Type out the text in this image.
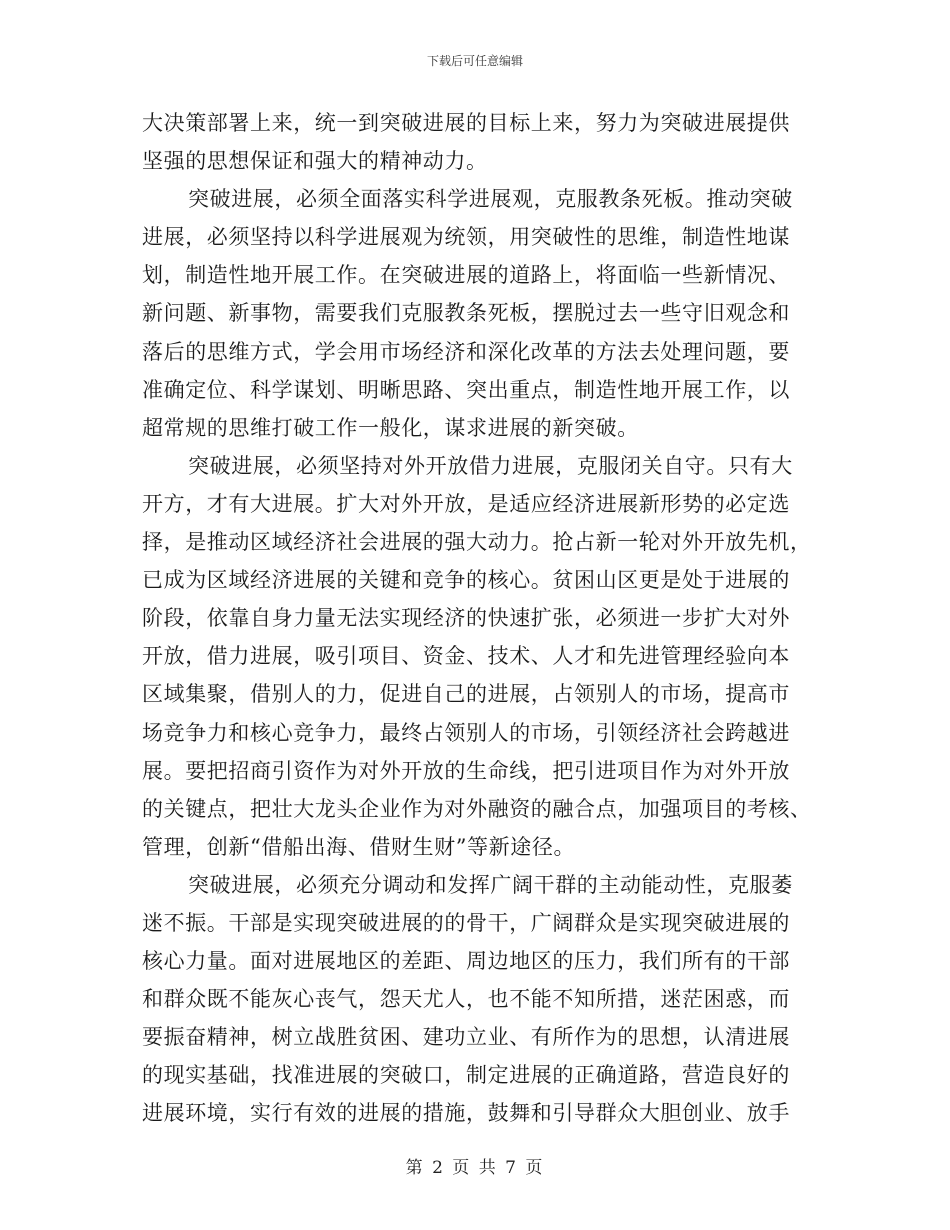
下载后可任意编辑
大决策部署上来，统一到突破进展的目标上来，努力为突破进展提供
坚强的思想保证和强大的精神动力。
突破进展，必须全面落实科学进展观，克服教条死板。推动突破
进展，必须坚持以科学进展观为统领，用突破性的思维，制造性地谋
划，制造性地开展工作。在突破进展的道路上，将面临一些新情况、
新问题、新事物，需要我们克服教条死板，摆脱过去一些守旧观念和
落后的思维方式，学会用市场经济和深化改革的方法去处理问题，要
准确定位、科学谋划、明晰思路、突出重点，制造性地开展工作，以
超常规的思维打破工作一般化，谋求进展的新突破。
突破进展，必须坚持对外开放借力进展，克服闭关自守。只有大
开方，才有大进展。扩大对外开放，是适应经济进展新形势的必定选
择，是推动区域经济社会进展的强大动力。抢占新一轮对外开放先机，
已成为区域经济进展的关键和竞争的核心。贫困山区更是处于进展的
阶段，依靠自身力量无法实现经济的快速扩张，必须进一步扩大对外
开放，借力进展，吸引项目、资金、技术、人才和先进管理经验向本
区域集聚，借别人的力，促进自己的进展，占领别人的市场，提高市
场竞争力和核心竞争力，最终占领别人的市场，引领经济社会跨越进
展。要把招商引资作为对外开放的生命线，把引进项目作为对外开放
的关键点，把壮大龙头企业作为对外融资的融合点，加强项目的考核、
管理，创新“借船出海、借财生财”等新途径。
突破进展，必须充分调动和发挥广阔干群的主动能动性，克服萎
迷不振。干部是实现突破进展的的骨干，广阔群众是实现突破进展的
核心力量。面对进展地区的差距、周边地区的压力，我们所有的干部
和群众既不能灰心丧气，怨天尤人，也不能不知所措，迷茫困惑，而
要振奋精神，树立战胜贫困、建功立业、有所作为的思想，认清进展
的现实基础，找准进展的突破口，制定进展的正确道路，营造良好的
进展环境，实行有效的进展的措施，鼓舞和引导群众大胆创业、放手
第 2 页 共 7 页
